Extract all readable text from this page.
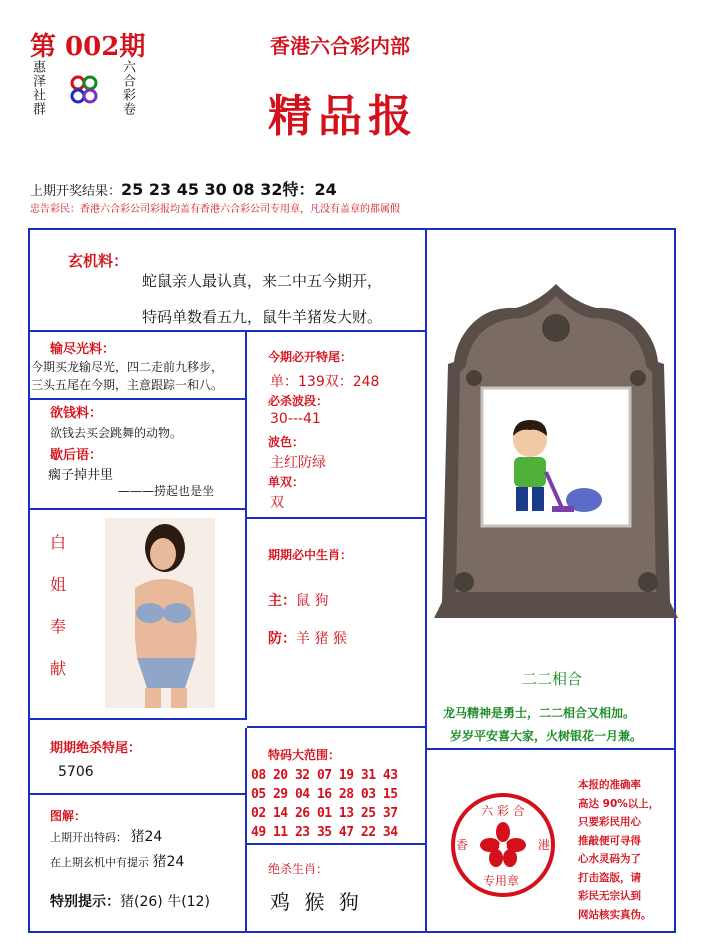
第 002期
惠泽社群	六合彩卷
香港六合彩内部
精品报
上期开奖结果：25 23 45 30 08 32特：24
忠告彩民：香港六合彩公司彩报均盖有香港六合彩公司专用章，凡没有盖章的都属假
玄机料：
蛇鼠亲人最认真，来二中五今期开，
特码单数看五九，鼠牛羊猪发大财。
输尽光料：
今期买龙输尽光，四二走前九移步，
三头五尾在今期，主意跟踪一和八。
欲钱料：
欲钱去买会跳舞的动物。
歇后语：
瘸子掉井里
———捞起也是坐
白
姐
奉
献
今期必开特尾：
单：139双：248
必杀波段：
30---41
波色：
主红防绿
单双：
双
期期必中生肖：
主：鼠 狗
防：羊 猪 猴
二二相合
龙马精神是勇士，二二相合又相加。
岁岁平安喜大家，火树银花一月兼。
期期绝杀特尾：
5706
特码大范围：
08 20 32 07 19 31 43
05 29 04 16 28 03 15
02 14 26 01 13 25 37
49 11 23 35 47 22 34
图解：
上期开出特码： 猪24
在上期玄机中有提示 猪24
特别提示：猪(26) 牛(12)
绝杀生肖：
鸡 猴 狗
六 彩 合
香	港
专用章
本报的准确率
高达 90%以上，
只要彩民用心
推敲便可寻得
心水灵码为了
打击盗版，请
彩民无宗认到
网站核实真伪。
